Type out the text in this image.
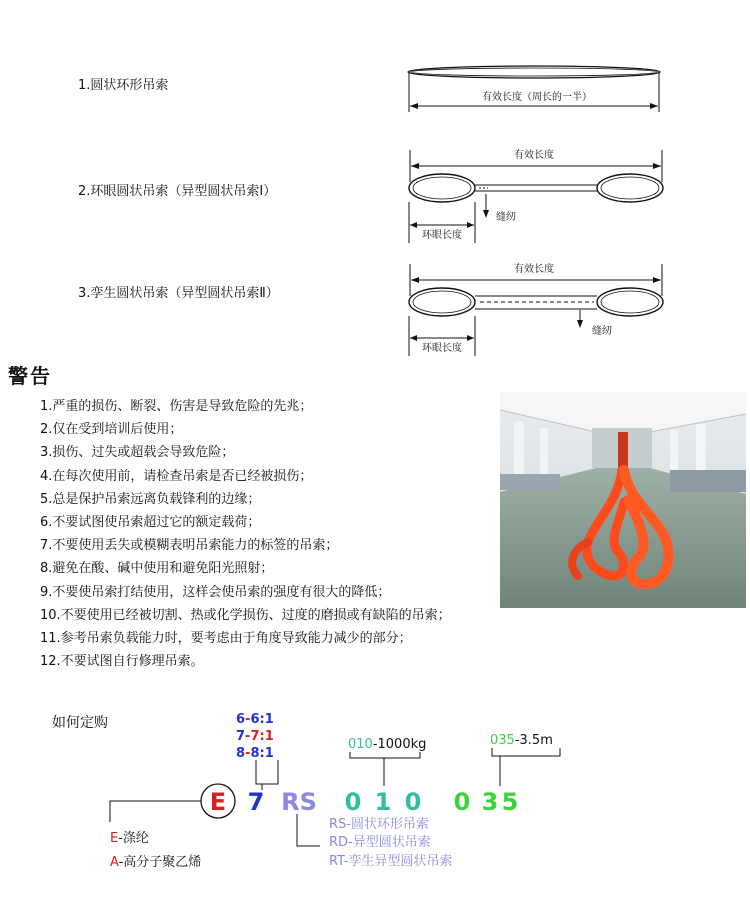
1.圆状环形吊索
有效长度（周长的一半）
2.环眼圆状吊索（异型圆状吊索Ⅰ）
有效长度
缝纫
环眼长度
3.孪生圆状吊索（异型圆状吊索Ⅱ）
有效长度
缝纫
环眼长度
警告
1.严重的损伤、断裂、伤害是导致危险的先兆；
2.仅在受到培训后使用；
3.损伤、过失或超载会导致危险；
4.在每次使用前，请检查吊索是否已经被损伤；
5.总是保护吊索远离负载锋利的边缘；
6.不要试图使吊索超过它的额定载荷；
7.不要使用丢失或模糊表明吊索能力的标签的吊索；
8.避免在酸、碱中使用和避免阳光照射；
9.不要使吊索打结使用，这样会使吊索的强度有很大的降低；
10.不要使用已经被切割、热或化学损伤、过度的磨损或有缺陷的吊索；
11.参考吊索负载能力时，要考虑由于角度导致能力减少的部分；
12.不要试图自行修理吊索。
如何定购	6-6:1
7-7:1
8-8:1
010-1000kg	035-3.5m
E 7 RS 0 1 0 0 3 5
E-涤纶
A-高分子聚乙烯
RS-圆状环形吊索
RD-异型圆状吊索
RT-孪生异型圆状吊索
